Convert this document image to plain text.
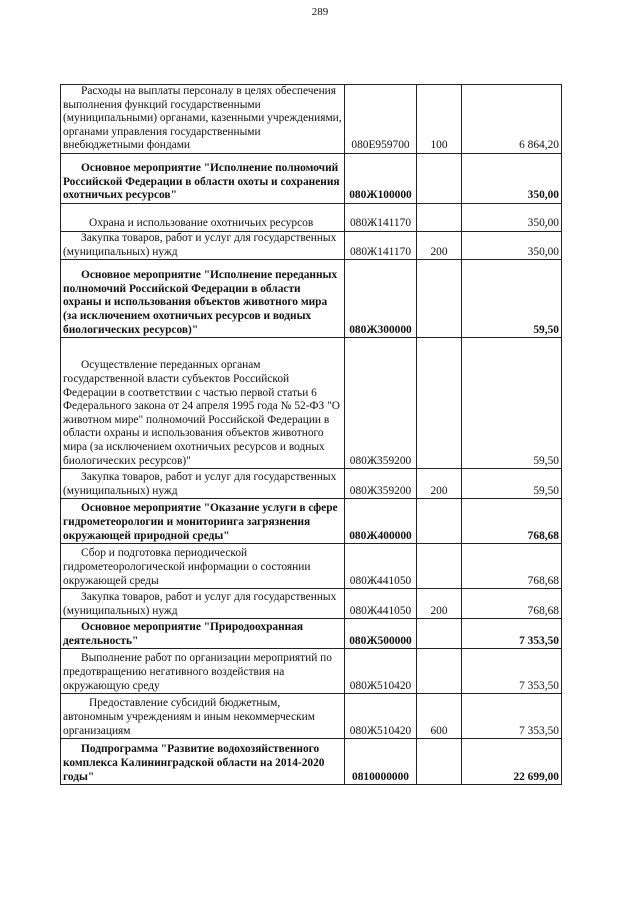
289
Расходы на выплаты персоналу в целях обеспечения выполнения функций государственными (муниципальными) органами, казенными учреждениями, органами управления государственными внебюджетными фондами	080Е959700	100	6 864,20
Основное мероприятие "Исполнение полномочий Российской Федерации в области охоты и сохранения охотничьих ресурсов"	080Ж100000		350,00
Охрана и использование охотничьих ресурсов	080Ж141170		350,00
Закупка товаров, работ и услуг для государственных (муниципальных) нужд	080Ж141170	200	350,00
Основное мероприятие "Исполнение переданных полномочий Российской Федерации в области охраны и использования объектов животного мира (за исключением охотничьих ресурсов и водных биологических ресурсов)"	080Ж300000		59,50
Осуществление переданных органам государственной власти субъектов Российской Федерации в соответствии с частью первой статьи 6 Федерального закона от 24 апреля 1995 года № 52-ФЗ "О животном мире" полномочий Российской Федерации в области охраны и использования объектов животного мира (за исключением охотничьих ресурсов и водных биологических ресурсов)"	080Ж359200		59,50
Закупка товаров, работ и услуг для государственных (муниципальных) нужд	080Ж359200	200	59,50
Основное мероприятие "Оказание услуги в сфере гидрометеорологии и мониторинга загрязнения окружающей природной среды"	080Ж400000		768,68
Сбор и подготовка периодической гидрометеорологической информации о состоянии окружающей среды	080Ж441050		768,68
Закупка товаров, работ и услуг для государственных (муниципальных) нужд	080Ж441050	200	768,68
Основное мероприятие "Природоохранная деятельность"	080Ж500000		7 353,50
Выполнение работ по организации мероприятий по предотвращению негативного воздействия на окружающую среду	080Ж510420		7 353,50
Предоставление субсидий бюджетным, автономным учреждениям и иным некоммерческим организациям	080Ж510420	600	7 353,50
Подпрограмма "Развитие водохозяйственного комплекса Калининградской области на 2014-2020 годы"	0810000000		22 699,00
